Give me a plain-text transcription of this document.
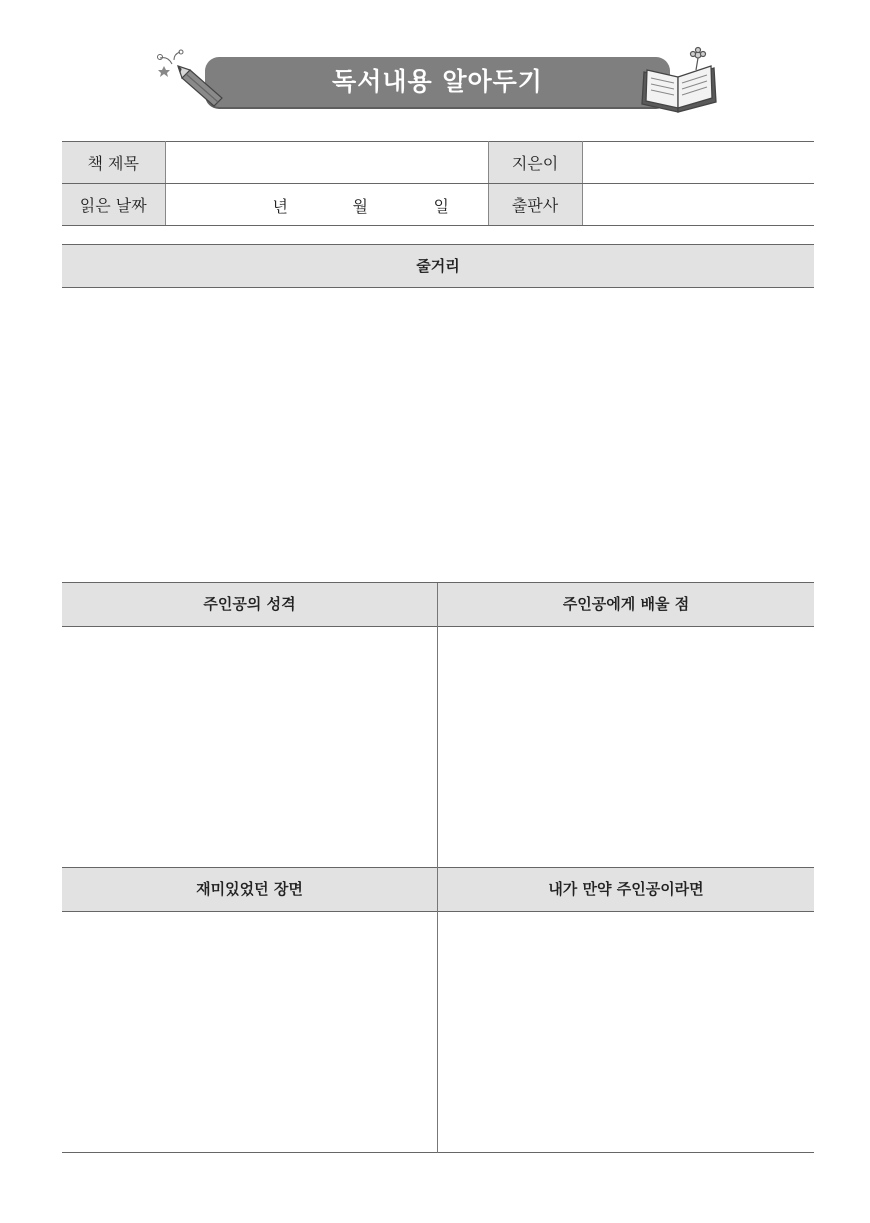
독서내용 알아두기
책 제목		지은이	
읽은 날짜	년 월 일	출판사	
줄거리
주인공의 성격	주인공에게 배울 점
재미있었던 장면	내가 만약 주인공이라면
